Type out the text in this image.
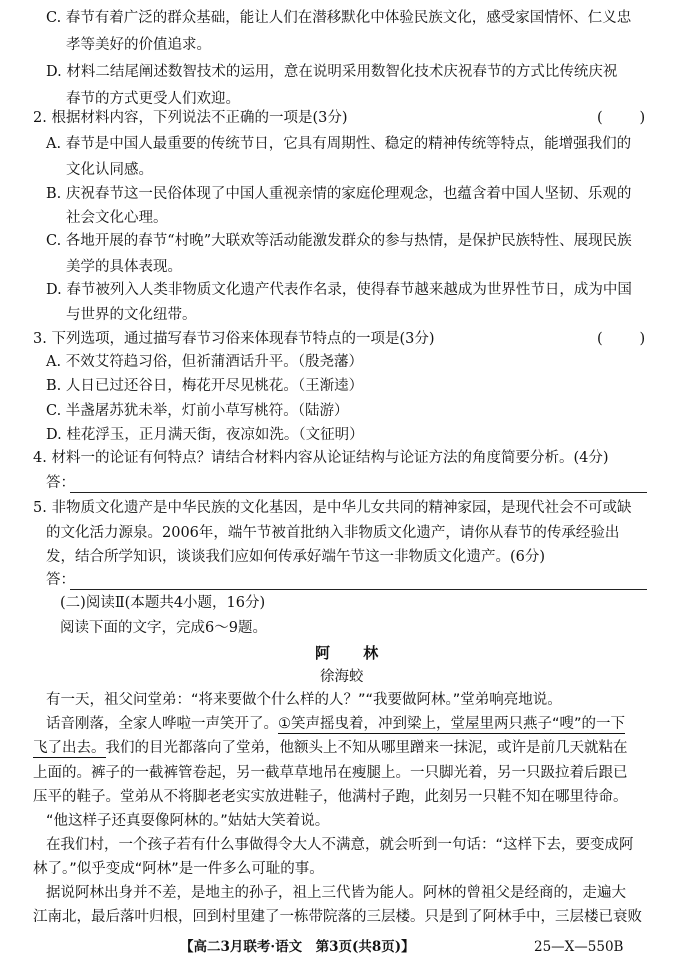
C. 春节有着广泛的群众基础，能让人们在潜移默化中体验民族文化，感受家国情怀、仁义忠
孝等美好的价值追求。
D. 材料二结尾阐述数智技术的运用，意在说明采用数智化技术庆祝春节的方式比传统庆祝
春节的方式更受人们欢迎。
2. 根据材料内容，下列说法不正确的一项是(3分)	(        )
A. 春节是中国人最重要的传统节日，它具有周期性、稳定的精神传统等特点，能增强我们的
文化认同感。
B. 庆祝春节这一民俗体现了中国人重视亲情的家庭伦理观念，也蕴含着中国人坚韧、乐观的
社会文化心理。
C. 各地开展的春节“村晚”大联欢等活动能激发群众的参与热情，是保护民族特性、展现民族
美学的具体表现。
D. 春节被列入人类非物质文化遗产代表作名录，使得春节越来越成为世界性节日，成为中国
与世界的文化纽带。
3. 下列选项，通过描写春节习俗来体现春节特点的一项是(3分)	(        )
A. 不效艾符趋习俗，但祈蒲酒话升平。（殷尧藩）
B. 人日已过还谷日，梅花开尽见桃花。（王渐逵）
C. 半盏屠苏犹未举，灯前小草写桃符。（陆游）
D. 桂花浮玉，正月满天街，夜凉如洗。（文征明）
4. 材料一的论证有何特点？请结合材料内容从论证结构与论证方法的角度简要分析。(4分)
答：
5. 非物质文化遗产是中华民族的文化基因，是中华儿女共同的精神家园，是现代社会不可或缺
的文化活力源泉。2006年，端午节被首批纳入非物质文化遗产，请你从春节的传承经验出
发，结合所学知识，谈谈我们应如何传承好端午节这一非物质文化遗产。(6分)
答：
(二)阅读Ⅱ(本题共4小题，16分)
阅读下面的文字，完成6～9题。
阿 林
徐海蛟
有一天，祖父问堂弟：“将来要做个什么样的人？”“我要做阿林。”堂弟响亮地说。
话音刚落，全家人哗啦一声笑开了。①笑声摇曳着，冲到梁上，堂屋里两只燕子“嗖”的一下
飞了出去。我们的目光都落向了堂弟，他额头上不知从哪里蹭来一抹泥，或许是前几天就粘在
上面的。裤子的一截裤管卷起，另一截草草地吊在瘦腿上。一只脚光着，另一只趿拉着后跟已
压平的鞋子。堂弟从不将脚老老实实放进鞋子，他满村子跑，此刻另一只鞋不知在哪里待命。
“他这样子还真耍像阿林的。”姑姑大笑着说。
在我们村，一个孩子若有什么事做得令大人不满意，就会听到一句话：“这样下去，要变成阿
林了。”似乎变成“阿林”是一件多么可耻的事。
据说阿林出身并不差，是地主的孙子，祖上三代皆为能人。阿林的曾祖父是经商的，走遍大
江南北，最后落叶归根，回到村里建了一栋带院落的三层楼。只是到了阿林手中，三层楼已衰败
【高二3月联考·语文　第3页(共8页)】	25—X—550B
